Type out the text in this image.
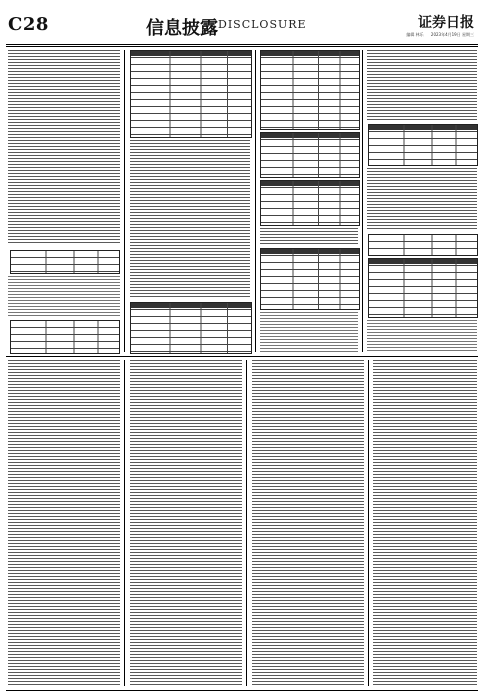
C28	信息披露 DISCLOSURE	证券日报
编辑 林乐 2023年4月19日 星期三
